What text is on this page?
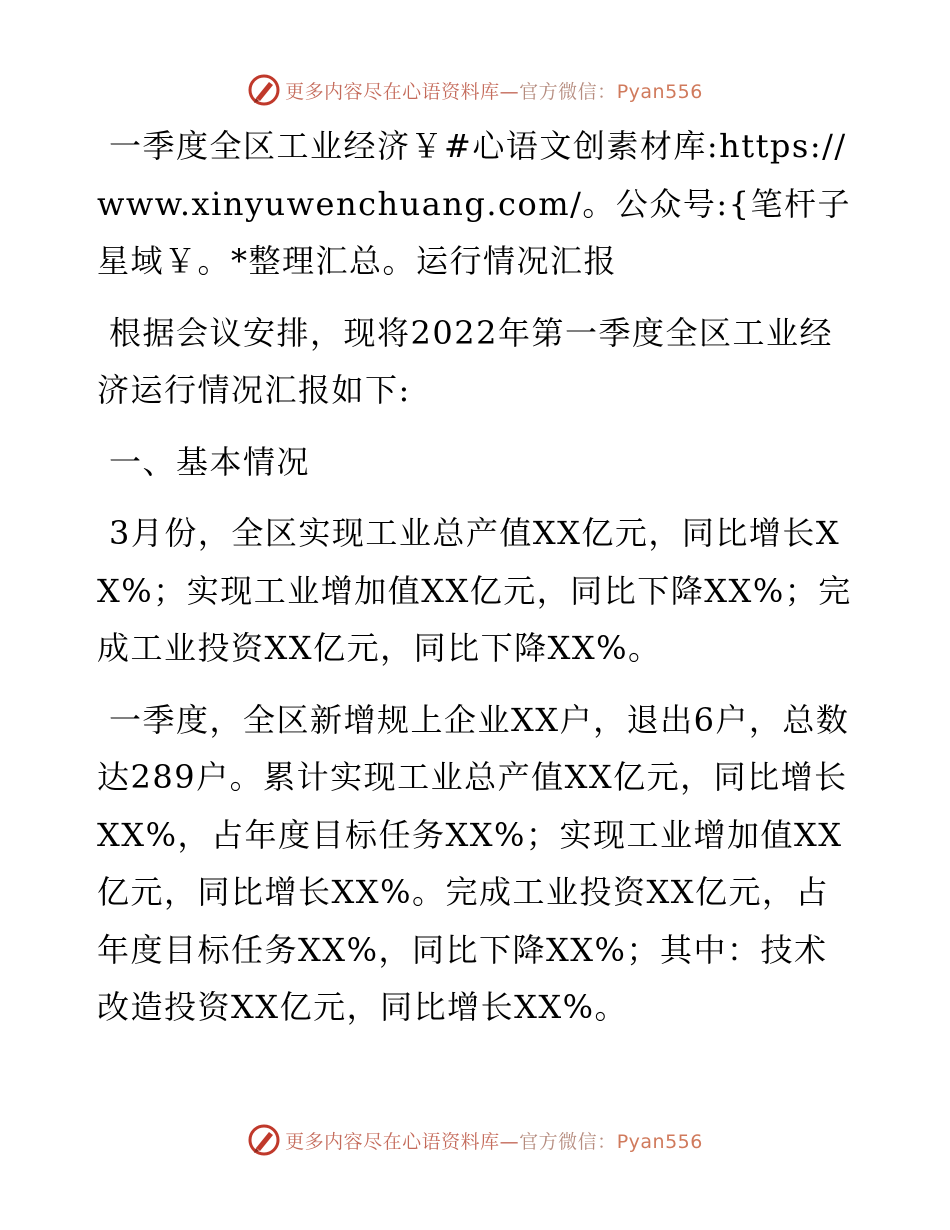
更多内容尽在心语资料库—官方微信：Pyan556

一季度全区工业经济￥#心语文创素材库:https://www.xinyuwenchuang.com/。公众号:{笔杆子星域￥。*整理汇总。运行情况汇报

根据会议安排，现将2022年第一季度全区工业经济运行情况汇报如下:

一、基本情况

3月份，全区实现工业总产值XX亿元，同比增长XX%；实现工业增加值XX亿元，同比下降XX%；完成工业投资XX亿元，同比下降XX%。

一季度，全区新增规上企业XX户，退出6户，总数达289户。累计实现工业总产值XX亿元，同比增长XX%，占年度目标任务XX%；实现工业增加值XX亿元，同比增长XX%。完成工业投资XX亿元，占年度目标任务XX%，同比下降XX%；其中：技术改造投资XX亿元，同比增长XX%。

更多内容尽在心语资料库—官方微信：Pyan556
